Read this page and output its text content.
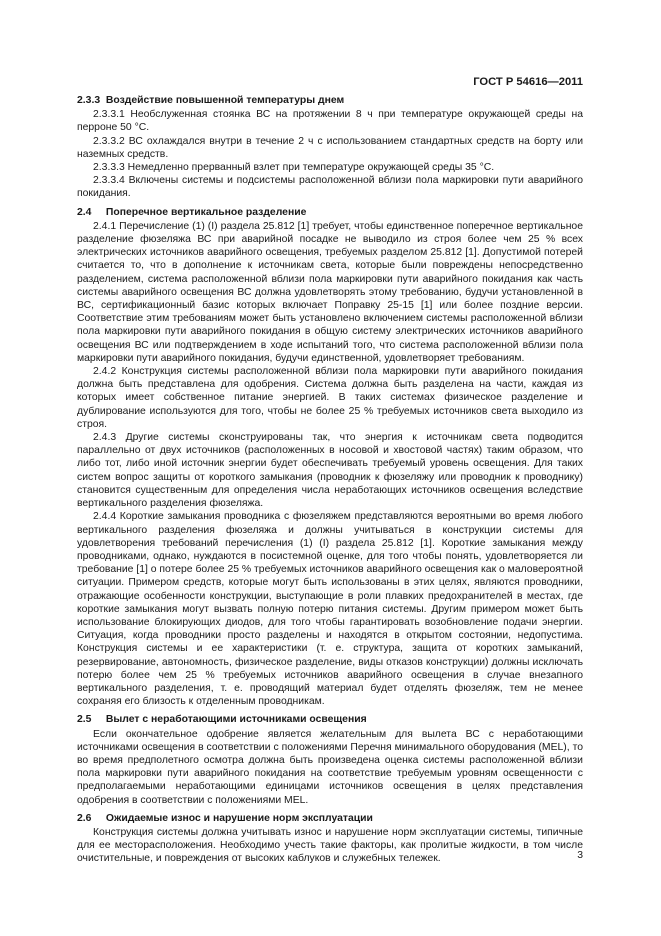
ГОСТ Р 54616—2011
2.3.3 Воздействие повышенной температуры днем

2.3.3.1 Необслуженная стоянка ВС на протяжении 8 ч при температуре окружающей среды на перроне 50 °С.

2.3.3.2 ВС охлаждался внутри в течение 2 ч с использованием стандартных средств на борту или наземных средств.

2.3.3.3 Немедленно прерванный взлет при температуре окружающей среды 35 °С.

2.3.3.4 Включены системы и подсистемы расположенной вблизи пола маркировки пути аварийного покидания.

2.4 Поперечное вертикальное разделение

2.4.1 Перечисление (1) (I) раздела 25.812 [1] требует, чтобы единственное поперечное вертикальное разделение фюзеляжа ВС при аварийной посадке не выводило из строя более чем 25 % всех электрических источников аварийного освещения, требуемых разделом 25.812 [1]. Допустимой потерей считается то, что в дополнение к источникам света, которые были повреждены непосредственно разделением, система расположенной вблизи пола маркировки пути аварийного покидания как часть системы аварийного освещения ВС должна удовлетворять этому требованию, будучи установленной в ВС, сертификационный базис которых включает Поправку 25-15 [1] или более поздние версии. Соответствие этим требованиям может быть установлено включением системы расположенной вблизи пола маркировки пути аварийного покидания в общую систему электрических источников аварийного освещения ВС или подтверждением в ходе испытаний того, что система расположенной вблизи пола маркировки пути аварийного покидания, будучи единственной, удовлетворяет требованиям.

2.4.2 Конструкция системы расположенной вблизи пола маркировки пути аварийного покидания должна быть представлена для одобрения. Система должна быть разделена на части, каждая из которых имеет собственное питание энергией. В таких системах физическое разделение и дублирование используются для того, чтобы не более 25 % требуемых источников света выходило из строя.

2.4.3 Другие системы сконструированы так, что энергия к источникам света подводится параллельно от двух источников (расположенных в носовой и хвостовой частях) таким образом, что либо тот, либо иной источник энергии будет обеспечивать требуемый уровень освещения. Для таких систем вопрос защиты от короткого замыкания (проводник к фюзеляжу или проводник к проводнику) становится существенным для определения числа неработающих источников освещения вследствие вертикального разделения фюзеляжа.

2.4.4 Короткие замыкания проводника с фюзеляжем представляются вероятными во время любого вертикального разделения фюзеляжа и должны учитываться в конструкции системы для удовлетворения требований перечисления (1) (I) раздела 25.812 [1]. Короткие замыкания между проводниками, однако, нуждаются в посистемной оценке, для того чтобы понять, удовлетворяется ли требование [1] о потере более 25 % требуемых источников аварийного освещения как о маловероятной ситуации. Примером средств, которые могут быть использованы в этих целях, являются проводники, отражающие особенности конструкции, выступающие в роли плавких предохранителей в местах, где короткие замыкания могут вызвать полную потерю питания системы. Другим примером может быть использование блокирующих диодов, для того чтобы гарантировать возобновление подачи энергии. Ситуация, когда проводники просто разделены и находятся в открытом состоянии, недопустима. Конструкция системы и ее характеристики (т. е. структура, защита от коротких замыканий, резервирование, автономность, физическое разделение, виды отказов конструкции) должны исключать потерю более чем 25 % требуемых источников аварийного освещения в случае внезапного вертикального разделения, т. е. проводящий материал будет отделять фюзеляж, тем не менее сохраняя его близость к отделенным проводникам.

2.5 Вылет с неработающими источниками освещения

Если окончательное одобрение является желательным для вылета ВС с неработающими источниками освещения в соответствии с положениями Перечня минимального оборудования (MEL), то во время предполетного осмотра должна быть произведена оценка системы расположенной вблизи пола маркировки пути аварийного покидания на соответствие требуемым уровням освещенности с предполагаемыми неработающими единицами источников освещения в целях представления одобрения в соответствии с положениями MEL.

2.6 Ожидаемые износ и нарушение норм эксплуатации

Конструкция системы должна учитывать износ и нарушение норм эксплуатации системы, типичные для ее месторасположения. Необходимо учесть такие факторы, как пролитые жидкости, в том числе очистительные, и повреждения от высоких каблуков и служебных тележек.	3
